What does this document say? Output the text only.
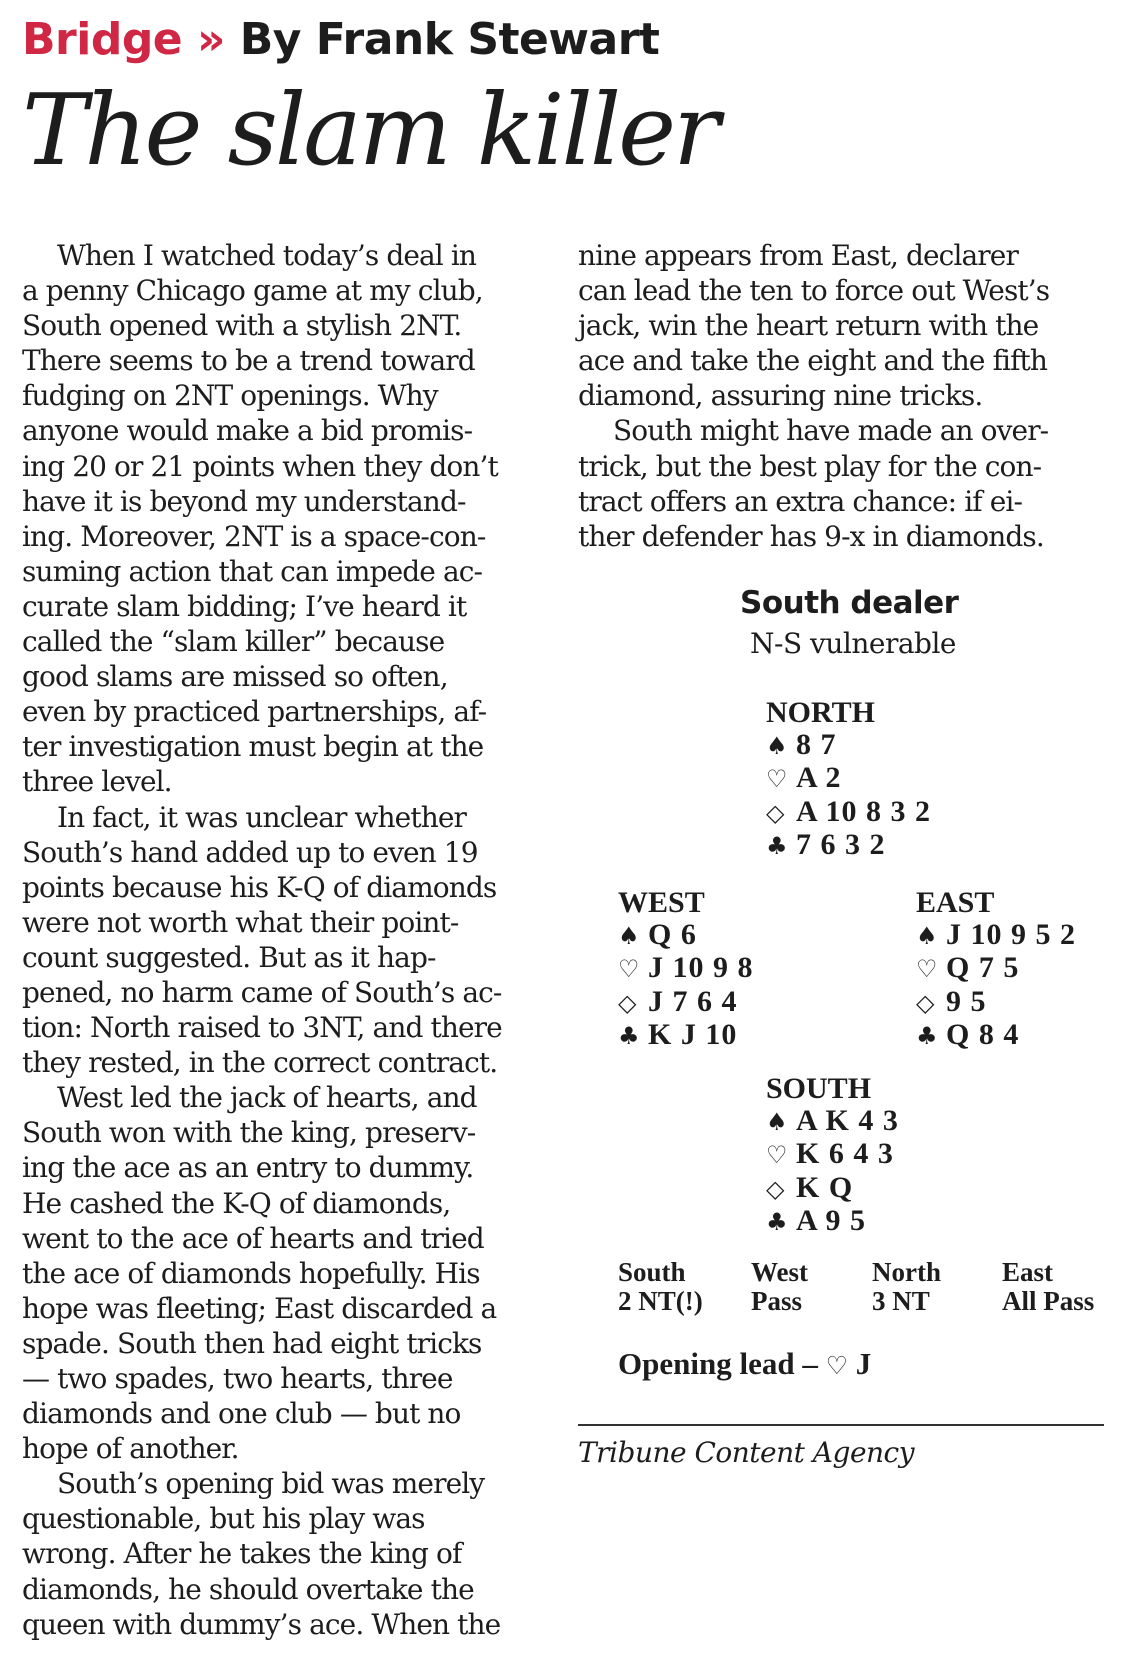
Bridge » By Frank Stewart
The slam killer

When I watched today’s deal in
a penny Chicago game at my club,
South opened with a stylish 2NT.
There seems to be a trend toward
fudging on 2NT openings. Why
anyone would make a bid promis-
ing 20 or 21 points when they don’t
have it is beyond my understand-
ing. Moreover, 2NT is a space-con-
suming action that can impede ac-
curate slam bidding; I’ve heard it
called the “slam killer” because
good slams are missed so often,
even by practiced partnerships, af-
ter investigation must begin at the
three level.

In fact, it was unclear whether
South’s hand added up to even 19
points because his K-Q of diamonds
were not worth what their point-
count suggested. But as it hap-
pened, no harm came of South’s ac-
tion: North raised to 3NT, and there
they rested, in the correct contract.

West led the jack of hearts, and
South won with the king, preserv-
ing the ace as an entry to dummy.
He cashed the K-Q of diamonds,
went to the ace of hearts and tried
the ace of diamonds hopefully. His
hope was fleeting; East discarded a
spade. South then had eight tricks
— two spades, two hearts, three
diamonds and one club — but no
hope of another.

South’s opening bid was merely
questionable, but his play was
wrong. After he takes the king of
diamonds, he should overtake the
queen with dummy’s ace. When the

nine appears from East, declarer
can lead the ten to force out West’s
jack, win the heart return with the
ace and take the eight and the fifth
diamond, assuring nine tricks.

South might have made an over-
trick, but the best play for the con-
tract offers an extra chance: if ei-
ther defender has 9-x in diamonds.

South dealer
N-S vulnerable
NORTH
♠ 8 7
♡ A 2
◇ A 10 8 3 2
♣ 7 6 3 2
WEST
♠ Q 6
♡ J 10 9 8
◇ J 7 6 4
♣ K J 10
EAST
♠ J 10 9 5 2
♡ Q 7 5
◇ 9 5
♣ Q 8 4
SOUTH
♠ A K 4 3
♡ K 6 4 3
◇ K Q
♣ A 9 5
South
2 NT(!)
West
Pass
North
3 NT
East
All Pass
Opening lead – ♡ J
Tribune Content Agency
